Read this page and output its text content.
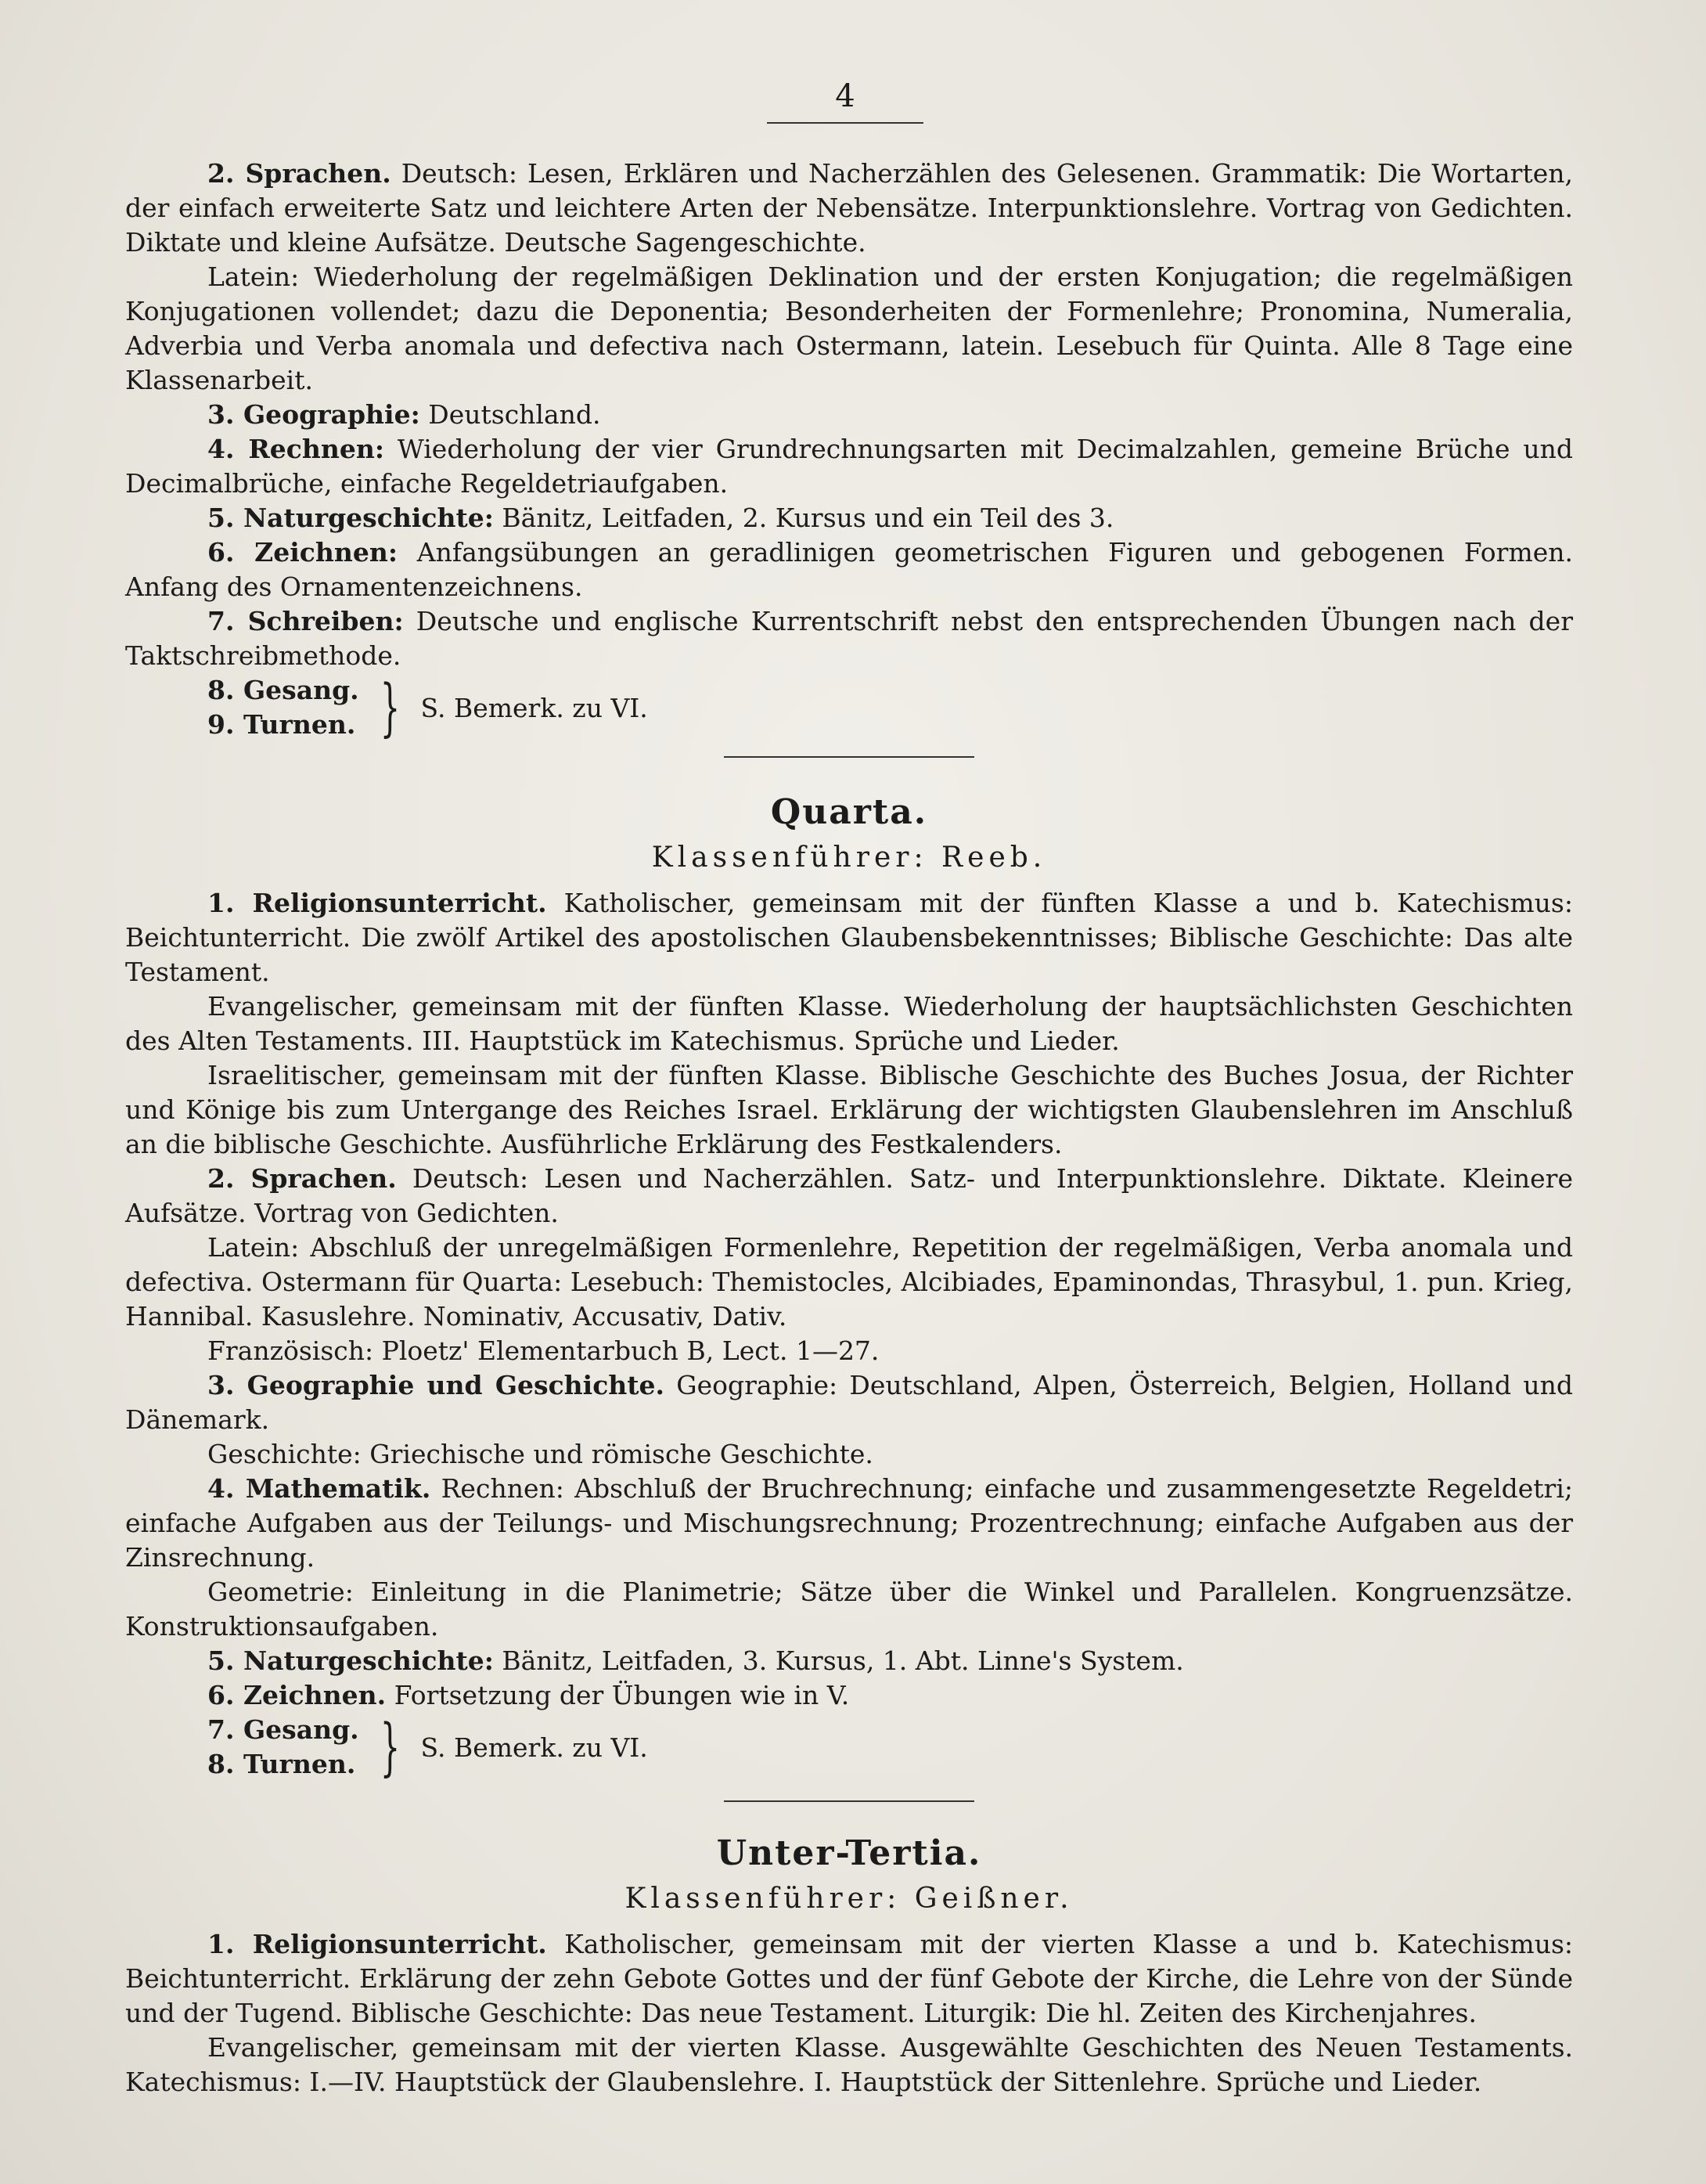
4

2. Sprachen. Deutsch: Lesen, Erklären und Nacherzählen des Gelesenen. Grammatik: Die Wortarten, der einfach erweiterte Satz und leichtere Arten der Nebensätze. Interpunktionslehre. Vortrag von Gedichten. Diktate und kleine Aufsätze. Deutsche Sagengeschichte.

Latein: Wiederholung der regelmäßigen Deklination und der ersten Konjugation; die regelmäßigen Konjugationen vollendet; dazu die Deponentia; Besonderheiten der Formenlehre; Pronomina, Numeralia, Adverbia und Verba anomala und defectiva nach Ostermann, latein. Lesebuch für Quinta. Alle 8 Tage eine Klassenarbeit.

3. Geographie: Deutschland.

4. Rechnen: Wiederholung der vier Grundrechnungsarten mit Decimalzahlen, gemeine Brüche und Decimalbrüche, einfache Regeldetriaufgaben.

5. Naturgeschichte: Bänitz, Leitfaden, 2. Kursus und ein Teil des 3.

6. Zeichnen: Anfangsübungen an geradlinigen geometrischen Figuren und gebogenen Formen. Anfang des Ornamentenzeichnens.

7. Schreiben: Deutsche und englische Kurrentschrift nebst den entsprechenden Übungen nach der Taktschreibmethode.

8. Gesang.
9. Turnen. } S. Bemerk. zu VI.
Quarta.
Klassenführer: Reeb.

1. Religionsunterricht. Katholischer, gemeinsam mit der fünften Klasse a und b. Katechismus: Beichtunterricht. Die zwölf Artikel des apostolischen Glaubensbekenntnisses; Biblische Geschichte: Das alte Testament.

Evangelischer, gemeinsam mit der fünften Klasse. Wiederholung der hauptsächlichsten Geschichten des Alten Testaments. III. Hauptstück im Katechismus. Sprüche und Lieder.

Israelitischer, gemeinsam mit der fünften Klasse. Biblische Geschichte des Buches Josua, der Richter und Könige bis zum Untergange des Reiches Israel. Erklärung der wichtigsten Glaubenslehren im Anschluß an die biblische Geschichte. Ausführliche Erklärung des Festkalenders.

2. Sprachen. Deutsch: Lesen und Nacherzählen. Satz- und Interpunktionslehre. Diktate. Kleinere Aufsätze. Vortrag von Gedichten.

Latein: Abschluß der unregelmäßigen Formenlehre, Repetition der regelmäßigen, Verba anomala und defectiva. Ostermann für Quarta: Lesebuch: Themistocles, Alcibiades, Epaminondas, Thrasybul, 1. pun. Krieg, Hannibal. Kasuslehre. Nominativ, Accusativ, Dativ.

Französisch: Ploetz' Elementarbuch B, Lect. 1—27.

3. Geographie und Geschichte. Geographie: Deutschland, Alpen, Österreich, Belgien, Holland und Dänemark.

Geschichte: Griechische und römische Geschichte.

4. Mathematik. Rechnen: Abschluß der Bruchrechnung; einfache und zusammengesetzte Regeldetri; einfache Aufgaben aus der Teilungs- und Mischungsrechnung; Prozentrechnung; einfache Aufgaben aus der Zinsrechnung.

Geometrie: Einleitung in die Planimetrie; Sätze über die Winkel und Parallelen. Kongruenzsätze. Konstruktionsaufgaben.

5. Naturgeschichte: Bänitz, Leitfaden, 3. Kursus, 1. Abt. Linne's System.

6. Zeichnen. Fortsetzung der Übungen wie in V.

7. Gesang.
8. Turnen. } S. Bemerk. zu VI.
Unter-Tertia.
Klassenführer: Geißner.

1. Religionsunterricht. Katholischer, gemeinsam mit der vierten Klasse a und b. Katechismus: Beichtunterricht. Erklärung der zehn Gebote Gottes und der fünf Gebote der Kirche, die Lehre von der Sünde und der Tugend. Biblische Geschichte: Das neue Testament. Liturgik: Die hl. Zeiten des Kirchenjahres.

Evangelischer, gemeinsam mit der vierten Klasse. Ausgewählte Geschichten des Neuen Testaments. Katechismus: I.—IV. Hauptstück der Glaubenslehre. I. Hauptstück der Sittenlehre. Sprüche und Lieder.
